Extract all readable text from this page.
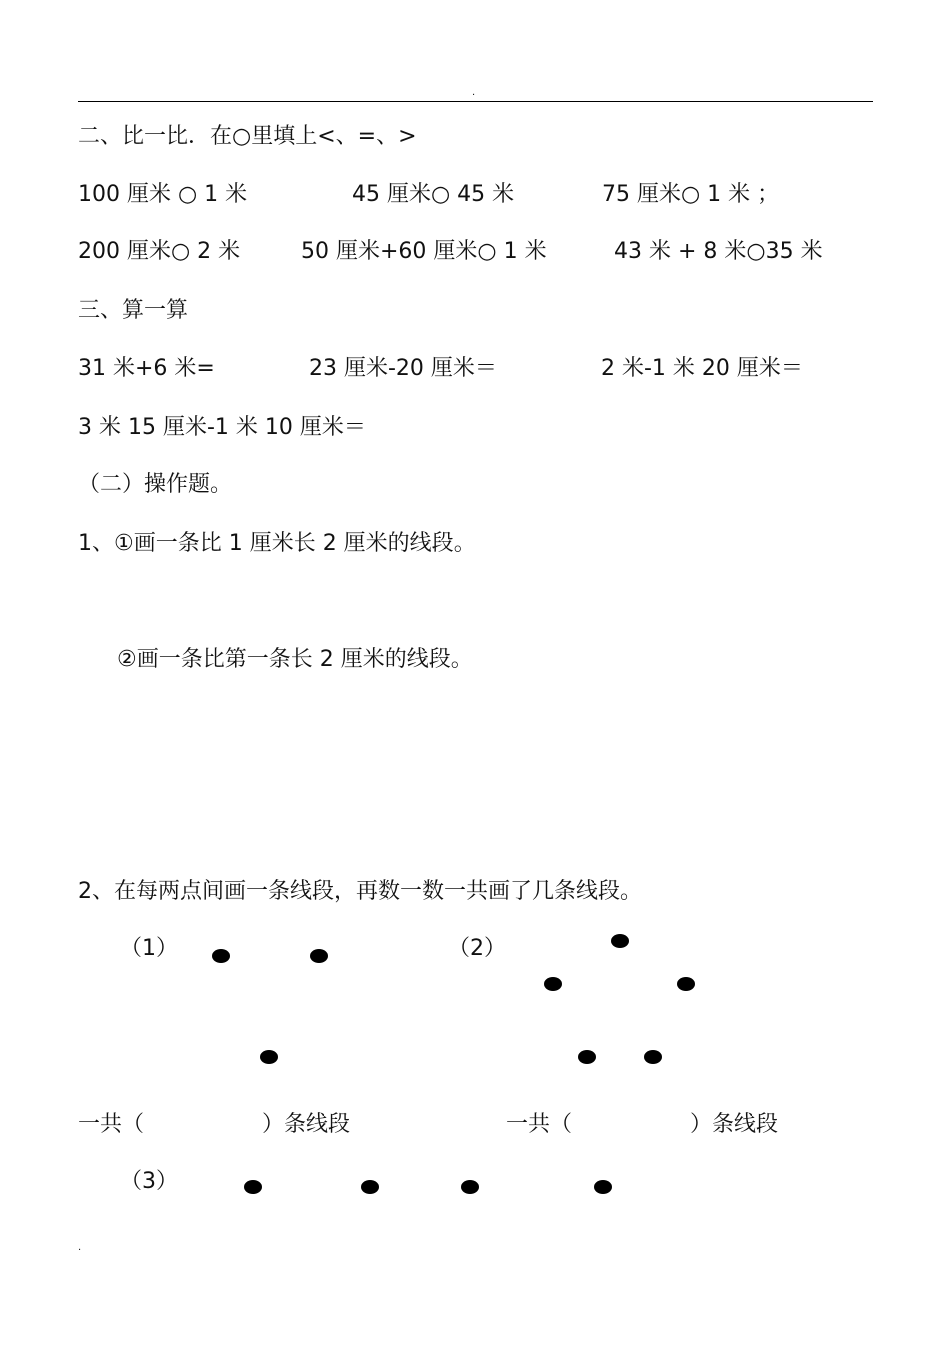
.
二、比一比．在○里填上<、=、>
100 厘米 ○ 1 米	45 厘米○ 45 米	75 厘米○ 1 米 ；
200 厘米○ 2 米	50 厘米+60 厘米○ 1 米	43 米 + 8 米○35 米
三、算一算
31 米+6 米=	23 厘米-20 厘米＝	2 米-1 米 20 厘米＝
3 米 15 厘米-1 米 10 厘米＝
（二）操作题。
1、①画一条比 1 厘米长 2 厘米的线段。
②画一条比第一条长 2 厘米的线段。
2、在每两点间画一条线段，再数一数一共画了几条线段。
（1）	（2）
一共（	）条线段	一共（	）条线段
（3）
.
